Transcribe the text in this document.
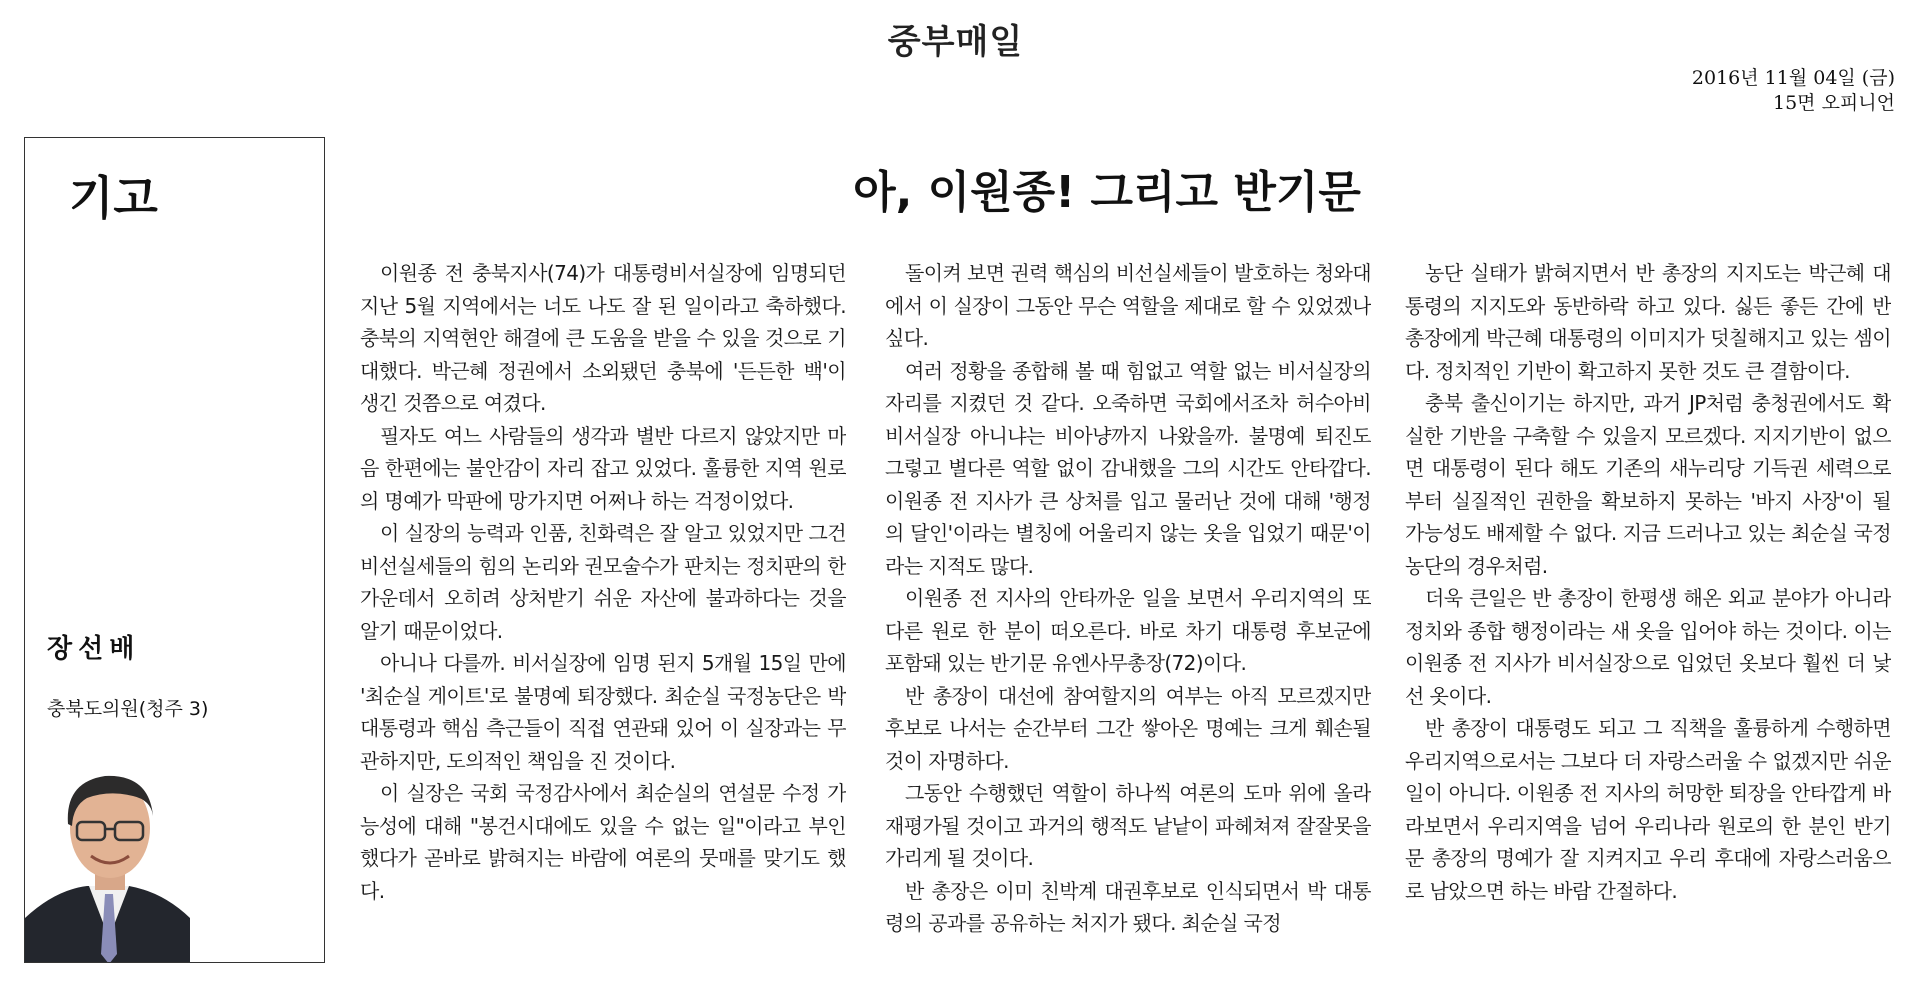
중부매일
2016년 11월 04일 (금)
15면 오피니언
기고
장선배
충북도의원(청주 3)
아, 이원종! 그리고 반기문

이원종 전 충북지사(74)가 대통령비서실장에 임명되던 지난 5월 지역에서는 너도 나도 잘 된 일이라고 축하했다. 충북의 지역현안 해결에 큰 도움을 받을 수 있을 것으로 기대했다. 박근혜 정권에서 소외됐던 충북에 '든든한 백'이 생긴 것쯤으로 여겼다.

필자도 여느 사람들의 생각과 별반 다르지 않았지만 마음 한편에는 불안감이 자리 잡고 있었다. 훌륭한 지역 원로의 명예가 막판에 망가지면 어쩌나 하는 걱정이었다.

이 실장의 능력과 인품, 친화력은 잘 알고 있었지만 그건 비선실세들의 힘의 논리와 권모술수가 판치는 정치판의 한가운데서 오히려 상처받기 쉬운 자산에 불과하다는 것을 알기 때문이었다.

아니나 다를까. 비서실장에 임명 된지 5개월 15일 만에 '최순실 게이트'로 불명예 퇴장했다. 최순실 국정농단은 박 대통령과 핵심 측근들이 직접 연관돼 있어 이 실장과는 무관하지만, 도의적인 책임을 진 것이다.

이 실장은 국회 국정감사에서 최순실의 연설문 수정 가능성에 대해 "봉건시대에도 있을 수 없는 일"이라고 부인했다가 곧바로 밝혀지는 바람에 여론의 뭇매를 맞기도 했다.

돌이켜 보면 권력 핵심의 비선실세들이 발호하는 청와대에서 이 실장이 그동안 무슨 역할을 제대로 할 수 있었겠나 싶다.

여러 정황을 종합해 볼 때 힘없고 역할 없는 비서실장의 자리를 지켰던 것 같다. 오죽하면 국회에서조차 허수아비 비서실장 아니냐는 비아냥까지 나왔을까. 불명예 퇴진도 그렇고 별다른 역할 없이 감내했을 그의 시간도 안타깝다. 이원종 전 지사가 큰 상처를 입고 물러난 것에 대해 '행정의 달인'이라는 별칭에 어울리지 않는 옷을 입었기 때문'이라는 지적도 많다.

이원종 전 지사의 안타까운 일을 보면서 우리지역의 또 다른 원로 한 분이 떠오른다. 바로 차기 대통령 후보군에 포함돼 있는 반기문 유엔사무총장(72)이다.

반 총장이 대선에 참여할지의 여부는 아직 모르겠지만 후보로 나서는 순간부터 그간 쌓아온 명예는 크게 훼손될 것이 자명하다.

그동안 수행했던 역할이 하나씩 여론의 도마 위에 올라 재평가될 것이고 과거의 행적도 낱낱이 파헤쳐져 잘잘못을 가리게 될 것이다.

반 총장은 이미 친박계 대권후보로 인식되면서 박 대통령의 공과를 공유하는 처지가 됐다. 최순실 국정

농단 실태가 밝혀지면서 반 총장의 지지도는 박근혜 대통령의 지지도와 동반하락 하고 있다. 싫든 좋든 간에 반 총장에게 박근혜 대통령의 이미지가 덧칠해지고 있는 셈이다. 정치적인 기반이 확고하지 못한 것도 큰 결함이다.

충북 출신이기는 하지만, 과거 JP처럼 충청권에서도 확실한 기반을 구축할 수 있을지 모르겠다. 지지기반이 없으면 대통령이 된다 해도 기존의 새누리당 기득권 세력으로부터 실질적인 권한을 확보하지 못하는 '바지 사장'이 될 가능성도 배제할 수 없다. 지금 드러나고 있는 최순실 국정농단의 경우처럼.

더욱 큰일은 반 총장이 한평생 해온 외교 분야가 아니라 정치와 종합 행정이라는 새 옷을 입어야 하는 것이다. 이는 이원종 전 지사가 비서실장으로 입었던 옷보다 훨씬 더 낯선 옷이다.

반 총장이 대통령도 되고 그 직책을 훌륭하게 수행하면 우리지역으로서는 그보다 더 자랑스러울 수 없겠지만 쉬운 일이 아니다. 이원종 전 지사의 허망한 퇴장을 안타깝게 바라보면서 우리지역을 넘어 우리나라 원로의 한 분인 반기문 총장의 명예가 잘 지켜지고 우리 후대에 자랑스러움으로 남았으면 하는 바람 간절하다.
